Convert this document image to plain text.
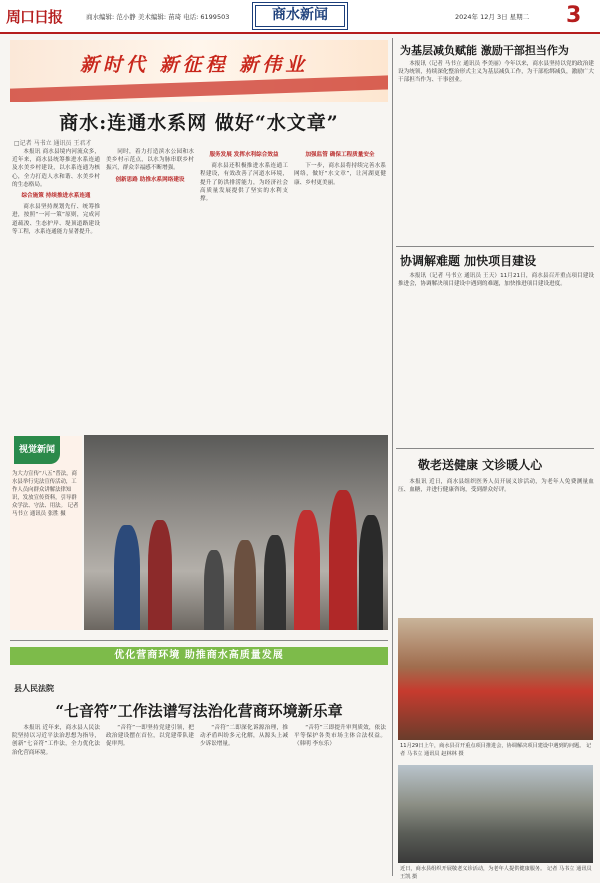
周口日报	商水编辑: 范小静 美术编辑: 苗琦 电话: 6199503	商水新闻	2024年 12月 3日 星期二 3
新时代 新征程 新伟业
商水:连通水系网 做好“水文章”
□记者 马书立 通讯员 王君才

本报讯 商水县境内河流众多，近年来，商水县统筹推进水系连通及水美乡村建设，以水系连通为核心，全力打造人水和谐、水美乡村的生态格局。

综合施策 持续推进水系连通

商水县坚持规划先行、统筹推进，按照“一河一策”原则，完成河道疏浚、生态护岸、堤顶道路建设等工程，水系连通能力显著提升。

同时，着力打造滨水公园和水美乡村示范点，以水为脉串联乡村振兴，群众幸福感不断增强。

创新思路 助推水系网络建设
服务发展 发挥水利综合效益

商水县还积极推进水系连通工程建设，有效改善了河道水环境，提升了防洪排涝能力，为经济社会高质量发展提供了坚实的水利支撑。

加强监管 确保工程质量安全

下一步，商水县将持续完善水系网络，做好“水文章”，让河湖更健康、乡村更美丽。

视觉新闻
为大力宣传“八五”普法，商水县举行宪法宣传活动，工作人员向群众讲解法律知识，发放宣传资料，引导群众学法、守法、用法。 记者 马书立 通讯员 张胜 摄
优化营商环境 助推商水高质量发展
县人民法院
“七音符”工作法谱写法治化营商环境新乐章

本报讯 近年来，商水县人民法院坚持以习近平法治思想为指导，创新“七音符”工作法，全力优化法治化营商环境。

“音符”一即坚持党建引领，把政治建设摆在首位，以党建带队建促审判。

“音符”二即深化诉源治理，推动矛盾纠纷多元化解，从源头上减少诉讼增量。

“音符”三即提升审判质效，依法平等保护各类市场主体合法权益。（韩明 李东乐）

为基层减负赋能 激励干部担当作为

本报讯（记者 马书立 通讯员 李美丽）今年以来，商水县坚持以党的政治建设为统领，持续深化整治形式主义为基层减负工作，为干部松绑减负，激励广大干部担当作为、干事创业。

协调解难题 加快项目建设

本报讯（记者 马书立 通讯员 王天）11月21日，商水县召开重点项目建设推进会，协调解决项目建设中遇到的难题，加快推进项目建设进度。

敬老送健康 文诊暖人心

本报讯 近日，商水县组织医务人员开展义诊活动，为老年人免费测量血压、血糖，并进行健康咨询，受到群众好评。

11月29日上午，商水县召开重点项目推进会，协调解决项目建设中遇到的问题。 记者 马书立 通讯员 赵林林 摄
近日，商水县组织开展敬老义诊活动，为老年人提供健康服务。 记者 马书立 通讯员 王凯 摄
